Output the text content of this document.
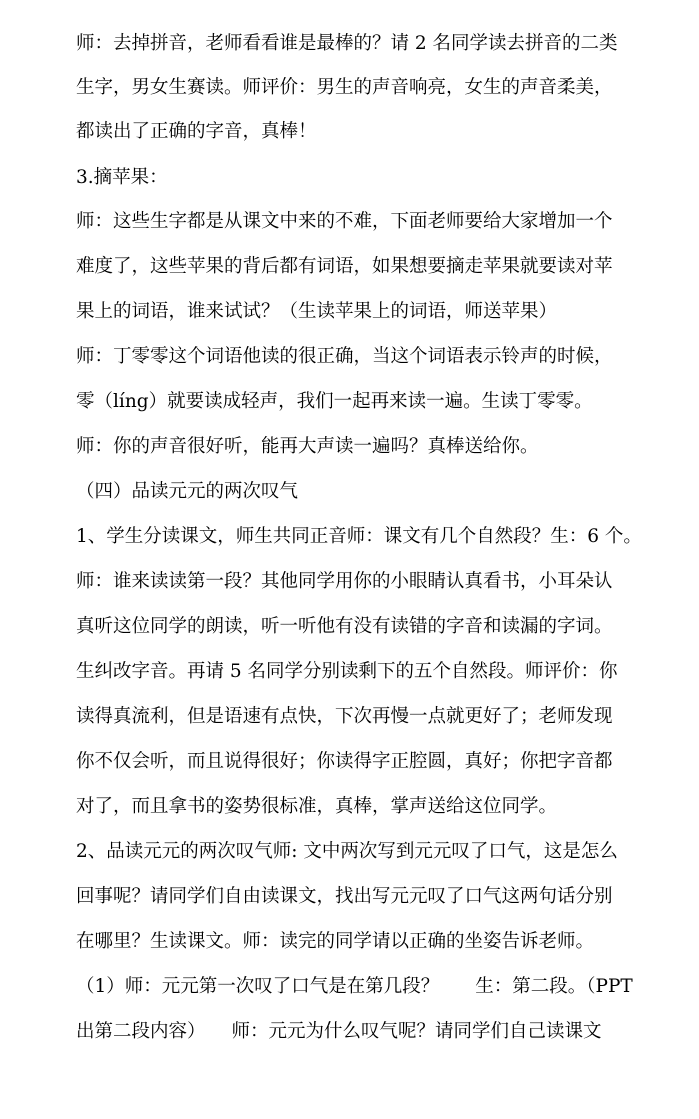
师：去掉拼音，老师看看谁是最棒的？请 2 名同学读去拼音的二类
生字，男女生赛读。师评价：男生的声音响亮，女生的声音柔美，
都读出了正确的字音，真棒！
3.摘苹果：
师：这些生字都是从课文中来的不难，下面老师要给大家增加一个
难度了，这些苹果的背后都有词语，如果想要摘走苹果就要读对苹
果上的词语，谁来试试？（生读苹果上的词语，师送苹果）
师：丁零零这个词语他读的很正确，当这个词语表示铃声的时候，
零（líng）就要读成轻声，我们一起再来读一遍。生读丁零零。
师：你的声音很好听，能再大声读一遍吗？真棒送给你。
（四）品读元元的两次叹气
1、学生分读课文，师生共同正音师：课文有几个自然段？生：6 个。
师：谁来读读第一段？其他同学用你的小眼睛认真看书，小耳朵认
真听这位同学的朗读，听一听他有没有读错的字音和读漏的字词。
生纠改字音。再请 5 名同学分别读剩下的五个自然段。师评价：你
读得真流利，但是语速有点快，下次再慢一点就更好了；老师发现
你不仅会听，而且说得很好；你读得字正腔圆，真好；你把字音都
对了，而且拿书的姿势很标准，真棒，掌声送给这位同学。
2、品读元元的两次叹气师: 文中两次写到元元叹了口气，这是怎么
回事呢？请同学们自由读课文，找出写元元叹了口气这两句话分别
在哪里？生读课文。师：读完的同学请以正确的坐姿告诉老师。
（1）师：元元第一次叹了口气是在第几段？ 生：第二段。（PPT
出第二段内容） 师：元元为什么叹气呢？请同学们自己读课文
